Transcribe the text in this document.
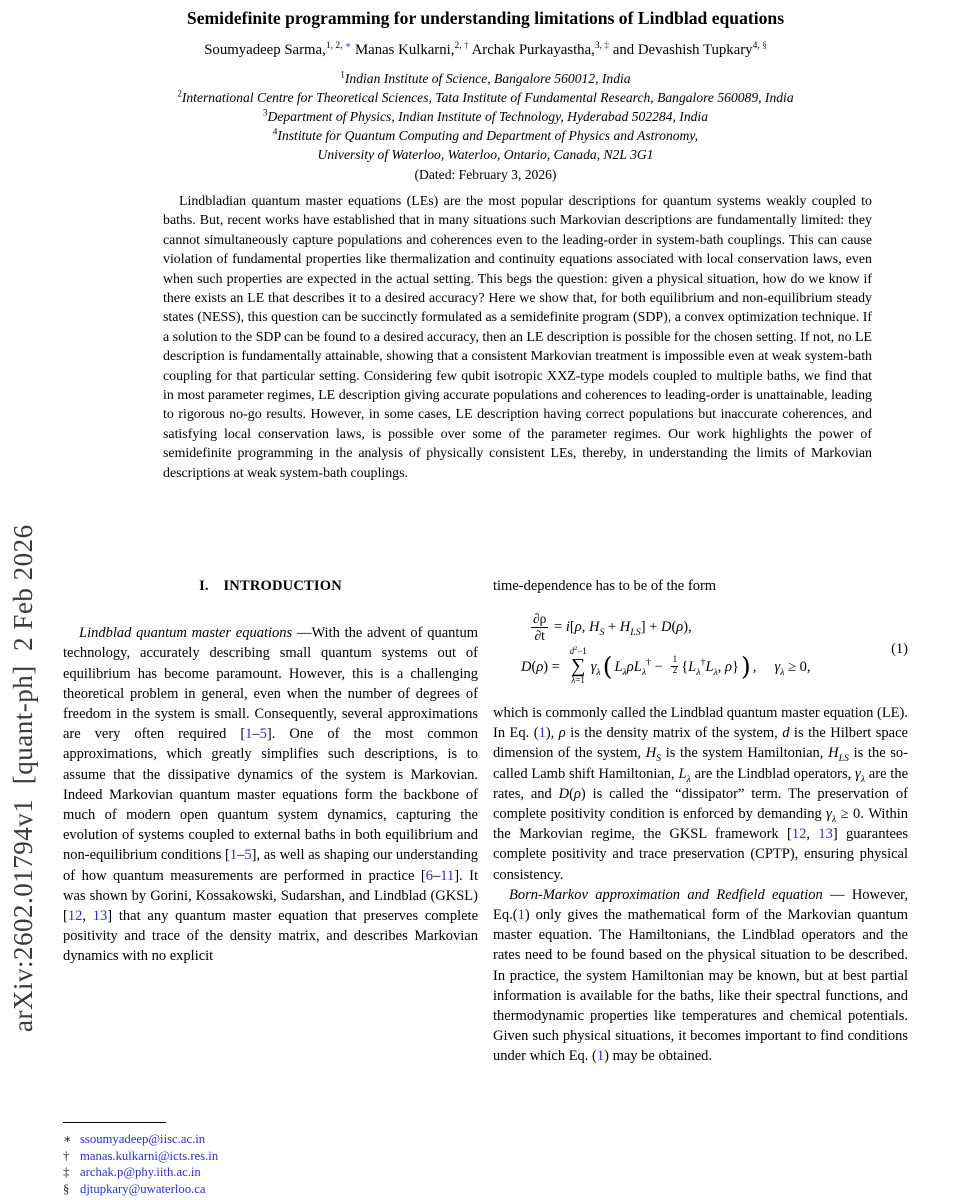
arXiv:2602.01794v1  [quant-ph]  2 Feb 2026
Semidefinite programming for understanding limitations of Lindblad equations
Soumyadeep Sarma,$^{1, 2, ∗}$ Manas Kulkarni,$^{2, \dagger}$ Archak Purkayastha,$^{3, \ddagger}$ and Devashish Tupkary$^{4, \S}$
$^1$Indian Institute of Science, Bangalore 560012, India
$^2$International Centre for Theoretical Sciences, Tata Institute of Fundamental Research, Bangalore 560089, India
$^3$Department of Physics, Indian Institute of Technology, Hyderabad 502284, India
$^4$Institute for Quantum Computing and Department of Physics and Astronomy,
University of Waterloo, Waterloo, Ontario, Canada, N2L 3G1
(Dated: February 3, 2026)

Lindbladian quantum master equations (LEs) are the most popular descriptions for quantum systems weakly coupled to baths. But, recent works have established that in many situations such Markovian descriptions are fundamentally limited: they cannot simultaneously capture populations and coherences even to the leading-order in system-bath couplings. This can cause violation of fundamental properties like thermalization and continuity equations associated with local conservation laws, even when such properties are expected in the actual setting. This begs the question: given a physical situation, how do we know if there exists an LE that describes it to a desired accuracy? Here we show that, for both equilibrium and non-equilibrium steady states (NESS), this question can be succinctly formulated as a semidefinite program (SDP), a convex optimization technique. If a solution to the SDP can be found to a desired accuracy, then an LE description is possible for the chosen setting. If not, no LE description is fundamentally attainable, showing that a consistent Markovian treatment is impossible even at weak system-bath coupling for that particular setting. Considering few qubit isotropic XXZ-type models coupled to multiple baths, we find that in most parameter regimes, LE description giving accurate populations and coherences to leading-order is unattainable, leading to rigorous no-go results. However, in some cases, LE description having correct populations but inaccurate coherences, and satisfying local conservation laws, is possible over some of the parameter regimes. Our work highlights the power of semidefinite programming in the analysis of physically consistent LEs, thereby, in understanding the limits of Markovian descriptions at weak system-bath couplings.

I. INTRODUCTION

Lindblad quantum master equations —With the advent of quantum technology, accurately describing small quantum systems out of equilibrium has become paramount. However, this is a challenging theoretical problem in general, even when the number of degrees of freedom in the system is small. Consequently, several approximations are very often required [1–5]. One of the most common approximations, which greatly simplifies such descriptions, is to assume that the dissipative dynamics of the system is Markovian. Indeed Markovian quantum master equations form the backbone of much of modern open quantum system dynamics, capturing the evolution of systems coupled to external baths in both equilibrium and non-equilibrium conditions [1–5], as well as shaping our understanding of how quantum measurements are performed in practice [6–11]. It was shown by Gorini, Kossakowski, Sudarshan, and Lindblad (GKSL) [12, 13] that any quantum master equation that preserves complete positivity and trace of the density matrix, and describes Markovian dynamics with no explicit

time-dependence has to be of the form

$\frac{\partial\rho}{\partial t} = i[\rho$, $H_S + H_{LS}] + D(\rho)$,
D(ρ) =
$d^2-1$
∑
λ=1
$\gamma_\lambda$ ( $L_\lambda\rho L_\lambda^\dagger - \frac{1}{2} \{L_\lambda^\dagger L_\lambda$, ρ} ) ,  $\gamma_\lambda \ge 0$,
(1)

which is commonly called the Lindblad quantum master equation (LE). In Eq. (1), ρ is the density matrix of the system, d is the Hilbert space dimension of the system, $H_S$ is the system Hamiltonian, $H_{LS}$ is the so-called Lamb shift Hamiltonian, $L_\lambda$ are the Lindblad operators, $\gamma_\lambda$ are the rates, and D(ρ) is called the “dissipator” term. The preservation of complete positivity condition is enforced by demanding $\gamma_\lambda \ge 0$. Within the Markovian regime, the GKSL framework [12, 13] guarantees complete positivity and trace preservation (CPTP), ensuring physical consistency.

Born-Markov approximation and Redfield equation — However, Eq.(1) only gives the mathematical form of the Markovian quantum master equation. The Hamiltonians, the Lindblad operators and the rates need to be found based on the physical situation to be described. In practice, the system Hamiltonian may be known, but at best partial information is available for the baths, like their spectral functions, and thermodynamic properties like temperatures and chemical potentials. Given such physical situations, it becomes important to find conditions under which Eq. (1) may be obtained.

∗ ssoumyadeep@iisc.ac.in
† manas.kulkarni@icts.res.in
‡ archak.p@phy.iith.ac.in
§ djtupkary@uwaterloo.ca
